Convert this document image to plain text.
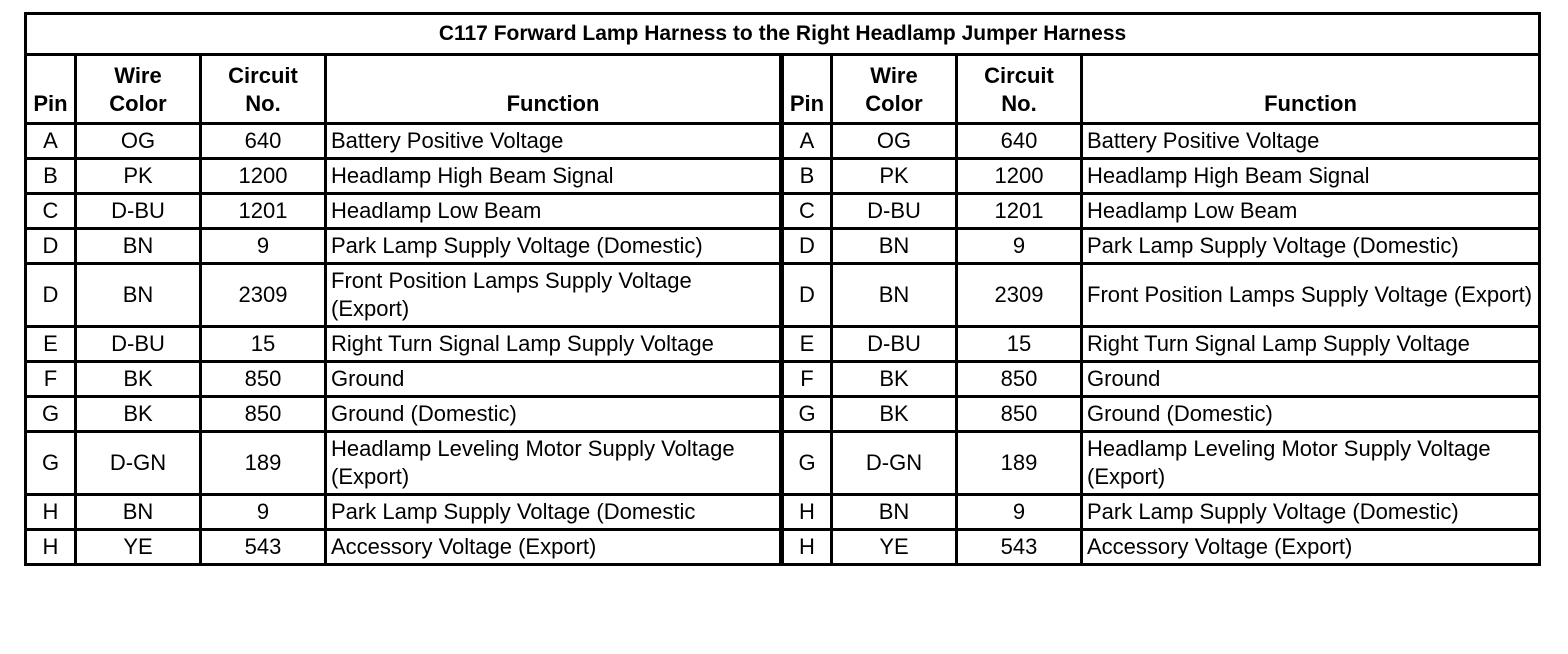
C117 Forward Lamp Harness to the Right Headlamp Jumper Harness							
Pin	Wire Color	Circuit No.	Function	Pin	Wire Color	Circuit No.	Function
A	OG	640	Battery Positive Voltage	A	OG	640	Battery Positive Voltage
B	PK	1200	Headlamp High Beam Signal	B	PK	1200	Headlamp High Beam Signal
C	D-BU	1201	Headlamp Low Beam	C	D-BU	1201	Headlamp Low Beam
D	BN	9	Park Lamp Supply Voltage (Domestic)	D	BN	9	Park Lamp Supply Voltage (Domestic)
D	BN	2309	Front Position Lamps Supply Voltage (Export)	D	BN	2309	Front Position Lamps Supply Voltage (Export)
E	D-BU	15	Right Turn Signal Lamp Supply Voltage	E	D-BU	15	Right Turn Signal Lamp Supply Voltage
F	BK	850	Ground	F	BK	850	Ground
G	BK	850	Ground (Domestic)	G	BK	850	Ground (Domestic)
G	D-GN	189	Headlamp Leveling Motor Supply Voltage (Export)	G	D-GN	189	Headlamp Leveling Motor Supply Voltage (Export)
H	BN	9	Park Lamp Supply Voltage (Domestic	H	BN	9	Park Lamp Supply Voltage (Domestic)
H	YE	543	Accessory Voltage (Export)	H	YE	543	Accessory Voltage (Export)
